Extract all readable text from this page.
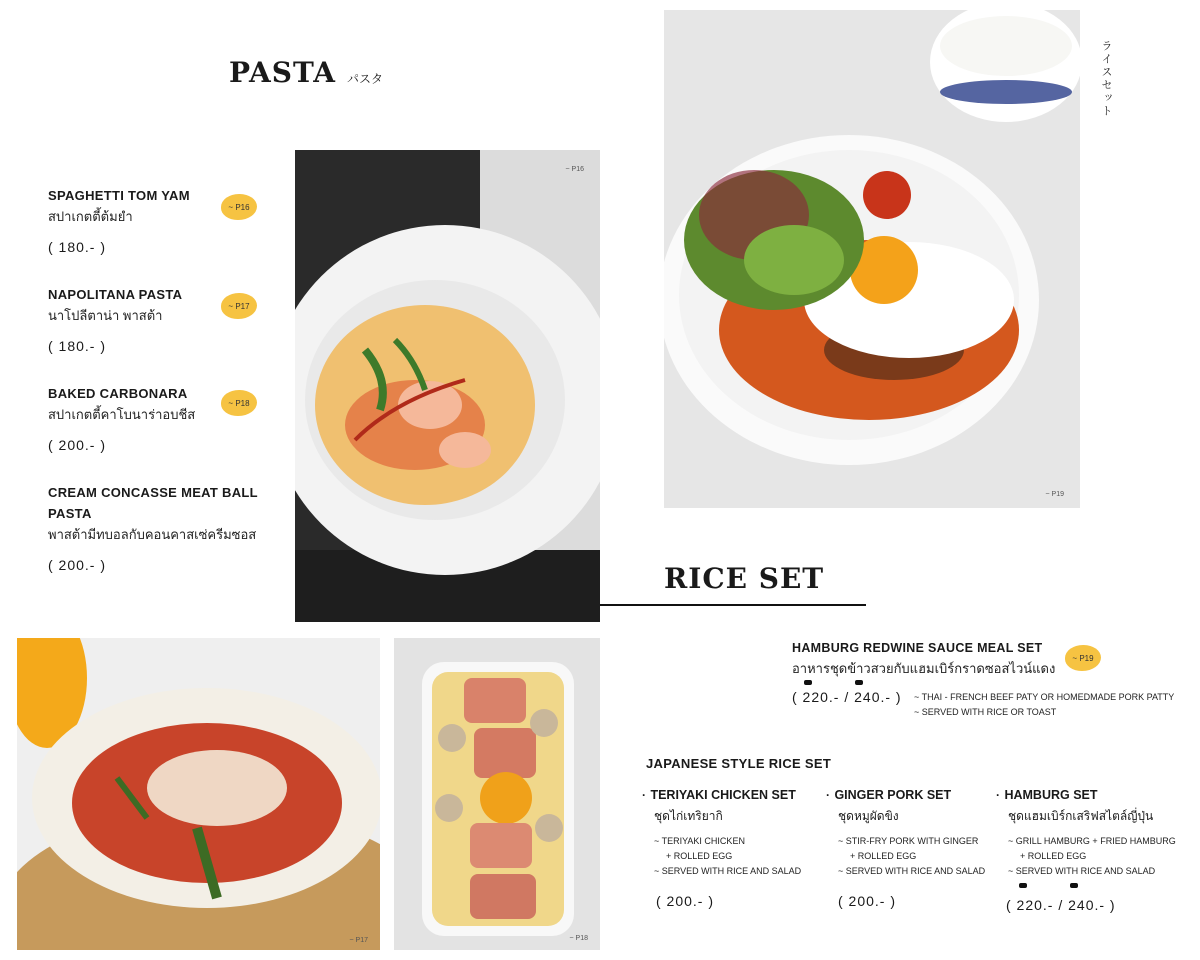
PASTA パスタ
SPAGHETTI TOM YAM
สปาเกตตี้ต้มยำ
( 180.- )
~ P16
NAPOLITANA PASTA
นาโปลีตาน่า พาสต้า
( 180.- )
~ P17
BAKED CARBONARA
สปาเกตตี้คาโบนาร่าอบชีส
( 200.- )
~ P18
CREAM CONCASSE MEAT BALL
PASTA
พาสต้ามีทบอลกับคอนคาสเซ่ครีมซอส
( 200.- )
~ P16
~ P19
ライスセット
RICE SET
~ P17	~ P18
HAMBURG REDWINE SAUCE MEAL SET
อาหารชุดข้าวสวยกับแฮมเบิร์กราดซอสไวน์แดง
~ P19
( 220.- / 240.- ) ~ THAI - FRENCH BEEF PATY OR HOMEDMADE PORK PATTY
~ SERVED WITH RICE OR TOAST
JAPANESE STYLE RICE SET
· TERIYAKI CHICKEN SET
ชุดไก่เทริยากิ
~ TERIYAKI CHICKEN
+ ROLLED EGG
~ SERVED WITH RICE AND SALAD
( 200.- )
· GINGER PORK SET
ชุดหมูผัดขิง
~ STIR-FRY PORK WITH GINGER
+ ROLLED EGG
~ SERVED WITH RICE AND SALAD
( 200.- )
· HAMBURG SET
ชุดแฮมเบิร์กเสริฟสไตล์ญี่ปุ่น
~ GRILL HAMBURG + FRIED HAMBURG
+ ROLLED EGG
~ SERVED WITH RICE AND SALAD
( 220.- / 240.- )
